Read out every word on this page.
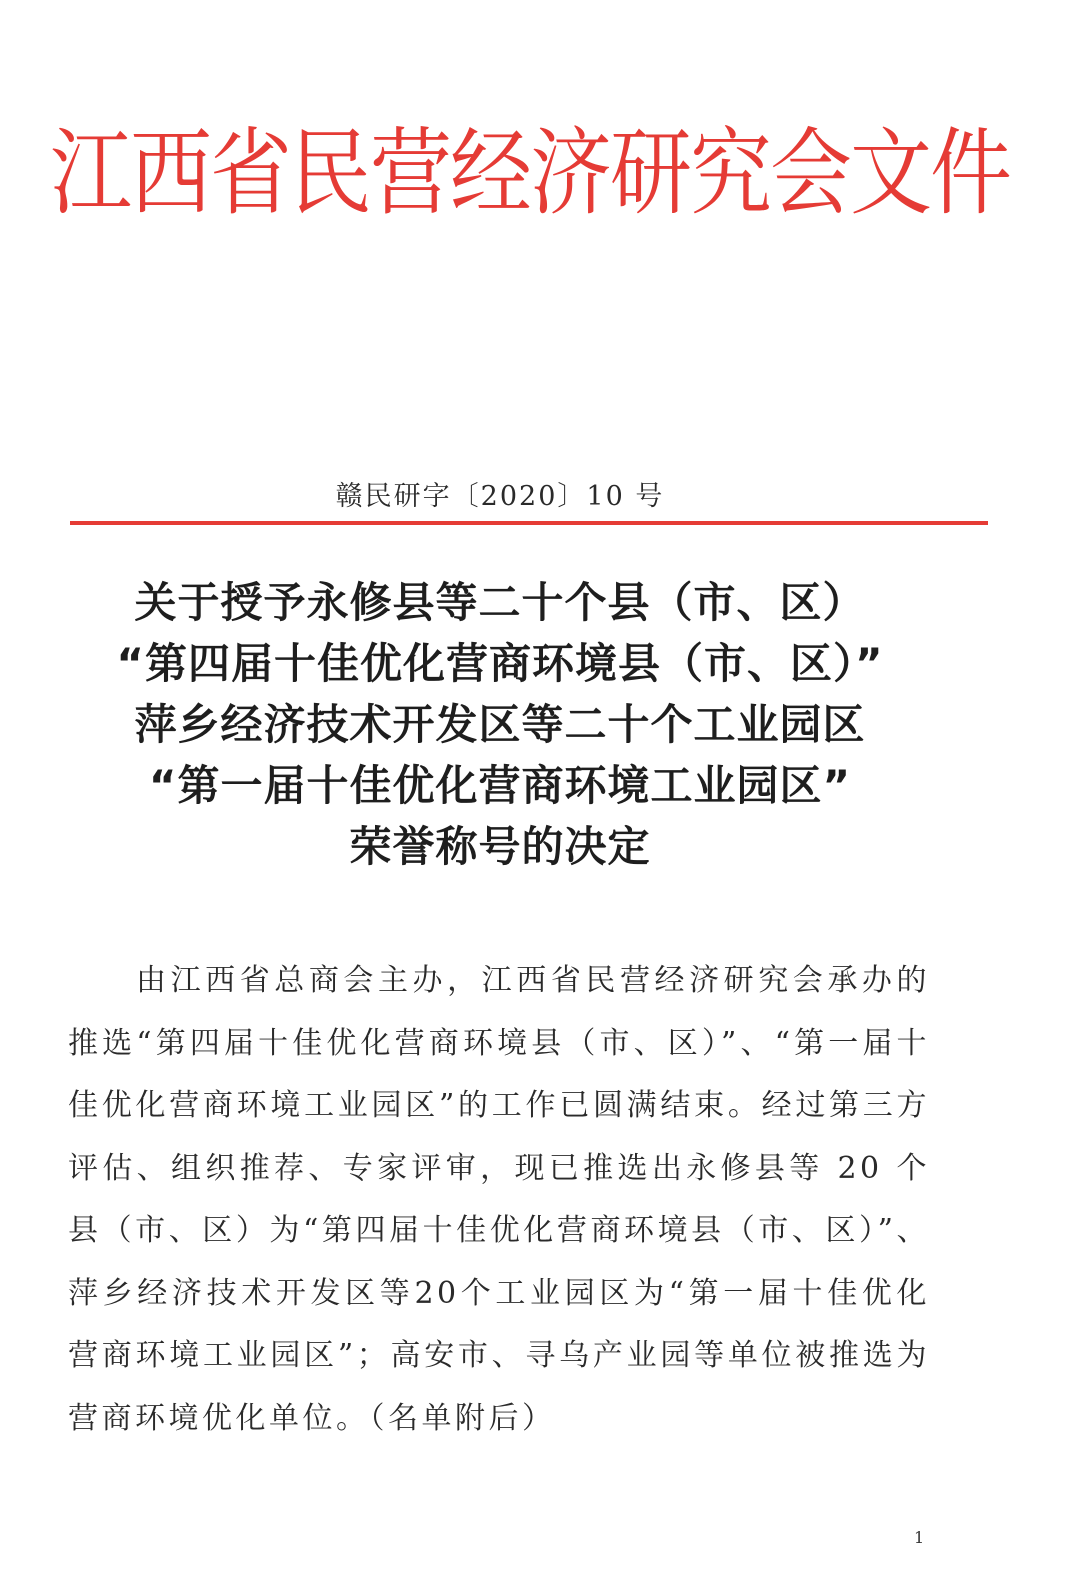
江西省民营经济研究会文件
赣民研字〔2020〕10 号
关于授予永修县等二十个县（市、区）
“第四届十佳优化营商环境县（市、区）”
萍乡经济技术开发区等二十个工业园区
“第一届十佳优化营商环境工业园区”
荣誉称号的决定

由江西省总商会主办，江西省民营经济研究会承办的推选“第四届十佳优化营商环境县（市、区）”、“第一届十佳优化营商环境工业园区”的工作已圆满结束。经过第三方评估、组织推荐、专家评审，现已推选出永修县等 20 个县（市、区）为“第四届十佳优化营商环境县（市、区）”、萍乡经济技术开发区等20个工业园区为“第一届十佳优化营商环境工业园区”；高安市、寻乌产业园等单位被推选为营商环境优化单位。（名单附后）

1
